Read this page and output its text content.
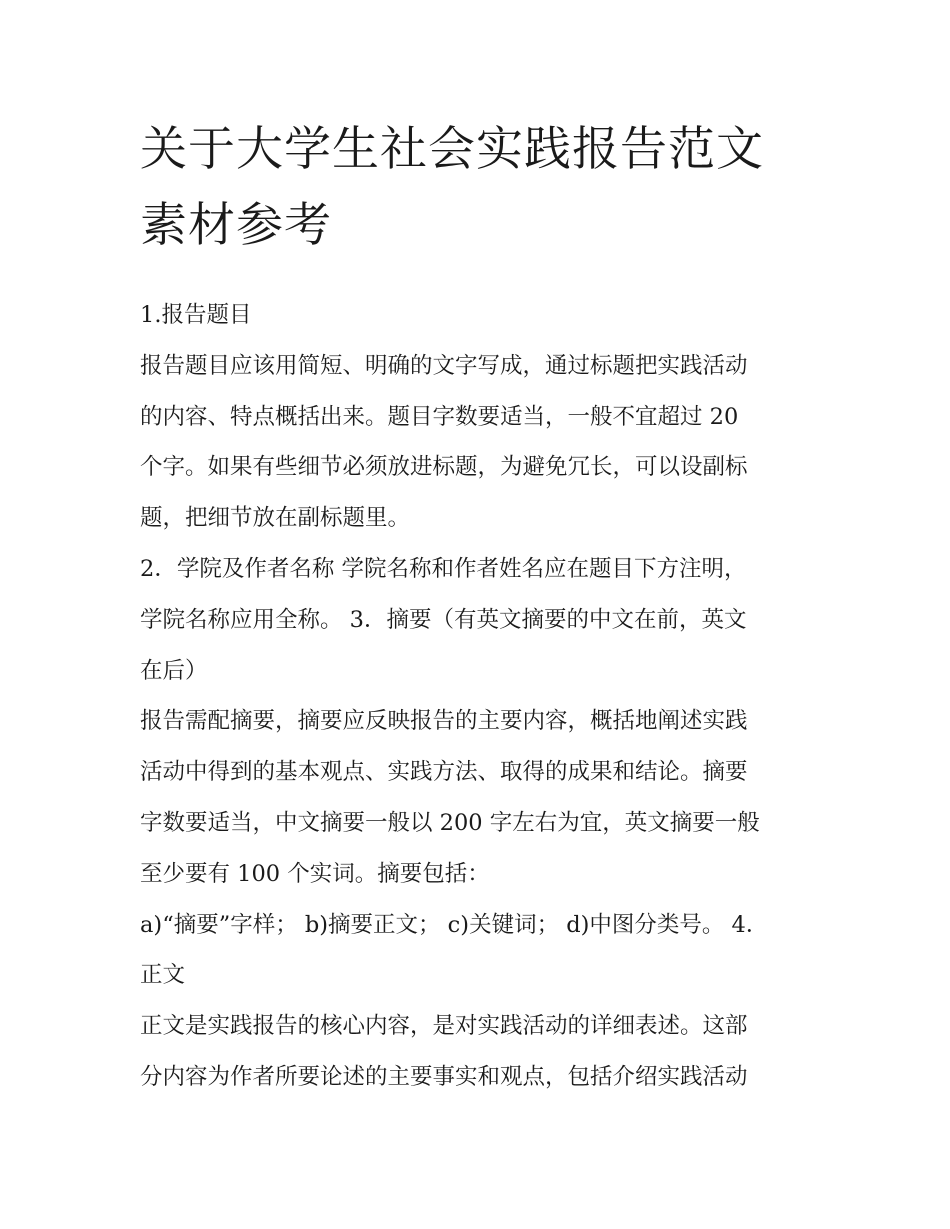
关于大学生社会实践报告范文
素材参考

1.报告题目

报告题目应该用简短、明确的文字写成，通过标题把实践活动

的内容、特点概括出来。题目字数要适当，一般不宜超过 20

个字。如果有些细节必须放进标题，为避免冗长，可以设副标

题，把细节放在副标题里。

2．学院及作者名称 学院名称和作者姓名应在题目下方注明，

学院名称应用全称。 3．摘要（有英文摘要的中文在前，英文

在后）

报告需配摘要，摘要应反映报告的主要内容，概括地阐述实践

活动中得到的基本观点、实践方法、取得的成果和结论。摘要

字数要适当，中文摘要一般以 200 字左右为宜，英文摘要一般

至少要有 100 个实词。摘要包括：

a)“摘要”字样； b)摘要正文； c)关键词； d)中图分类号。 4．

正文

正文是实践报告的核心内容，是对实践活动的详细表述。这部

分内容为作者所要论述的主要事实和观点，包括介绍实践活动
